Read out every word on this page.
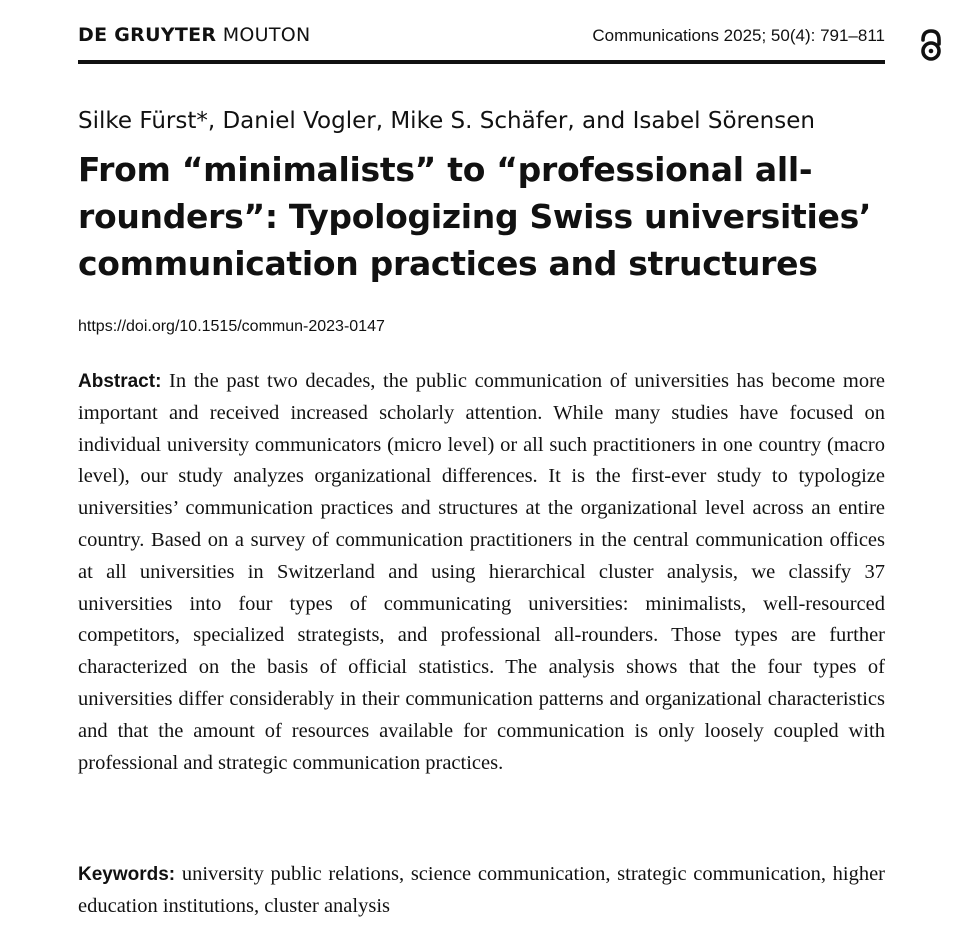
DE GRUYTER MOUTON	Communications 2025; 50(4): 791–811
Silke Fürst*, Daniel Vogler, Mike S. Schäfer, and Isabel Sörensen
From “minimalists” to “professional all-rounders”: Typologizing Swiss universities’ communication practices and structures
https://doi.org/10.1515/commun-2023-0147

Abstract: In the past two decades, the public communication of universities has become more important and received increased scholarly attention. While many studies have focused on individual university communicators (micro level) or all such practitioners in one country (macro level), our study analyzes organizational differences. It is the first-ever study to typologize universities’ communication practices and structures at the organizational level across an entire country. Based on a survey of communication practitioners in the central communication offices at all universities in Switzerland and using hierarchical cluster analysis, we classify 37 universities into four types of communicating universities: minimalists, well-resourced competitors, specialized strategists, and professional all-rounders. Those types are further characterized on the basis of official statistics. The analysis shows that the four types of universities differ considerably in their communication patterns and organizational characteristics and that the amount of resources available for communication is only loosely coupled with professional and strategic communication practices.

Keywords: university public relations, science communication, strategic communication, higher education institutions, cluster analysis
